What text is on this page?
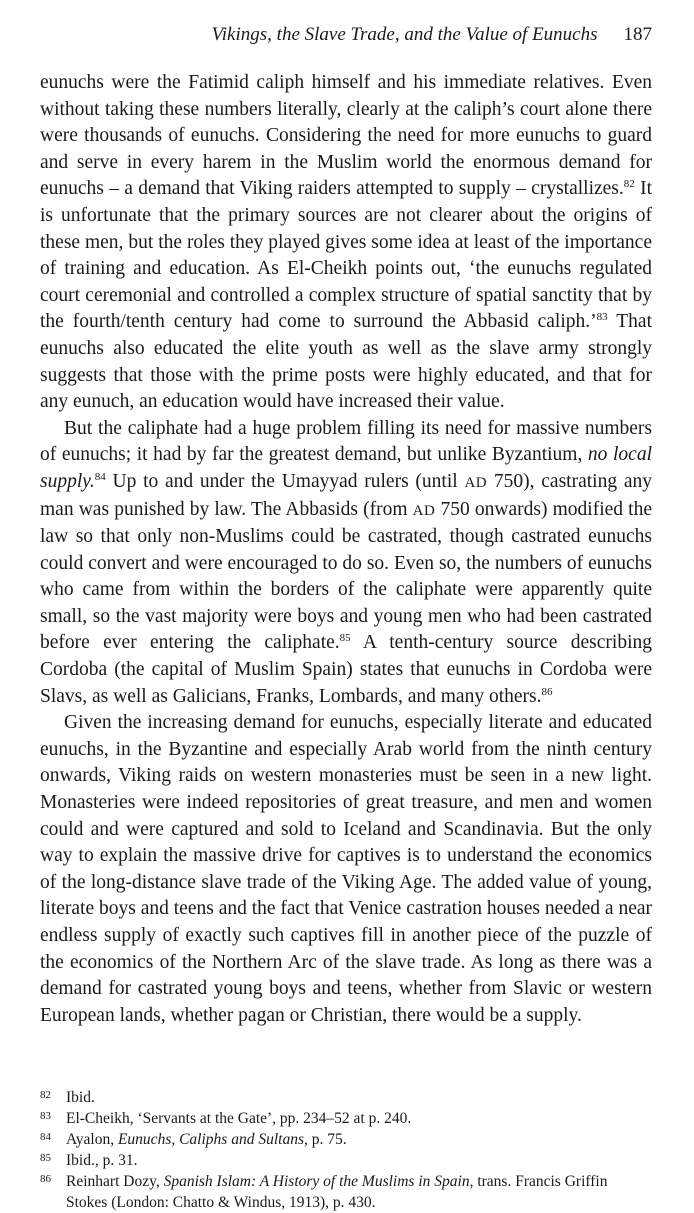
Vikings, the Slave Trade, and the Value of Eunuchs 187

eunuchs were the Fatimid caliph himself and his immediate relatives. Even without taking these numbers literally, clearly at the caliph’s court alone there were thousands of eunuchs. Considering the need for more eunuchs to guard and serve in every harem in the Muslim world the enormous demand for eunuchs – a demand that Viking raiders attempted to supply – crystallizes.$^{82}$ It is unfortunate that the primary sources are not clearer about the origins of these men, but the roles they played gives some idea at least of the importance of training and education. As El-Cheikh points out, ‘the eunuchs regulated court ceremonial and controlled a complex structure of spatial sanctity that by the fourth/tenth century had come to surround the Abbasid caliph.’$^{83}$ That eunuchs also educated the elite youth as well as the slave army strongly suggests that those with the prime posts were highly educated, and that for any eunuch, an education would have increased their value.

But the caliphate had a huge problem filling its need for massive numbers of eunuchs; it had by far the greatest demand, but unlike Byzantium, no local supply.$^{84}$ Up to and under the Umayyad rulers (until AD 750), castrating any man was punished by law. The Abbasids (from AD 750 onwards) modified the law so that only non-Muslims could be castrated, though castrated eunuchs could convert and were encouraged to do so. Even so, the numbers of eunuchs who came from within the borders of the caliphate were apparently quite small, so the vast majority were boys and young men who had been castrated before ever entering the caliphate.$^{85}$ A tenth-century source describing Cordoba (the capital of Muslim Spain) states that eunuchs in Cordoba were Slavs, as well as Galicians, Franks, Lombards, and many others.$^{86}$

Given the increasing demand for eunuchs, especially literate and educated eunuchs, in the Byzantine and especially Arab world from the ninth century onwards, Viking raids on western monasteries must be seen in a new light. Monasteries were indeed repositories of great treasure, and men and women could and were captured and sold to Iceland and Scandinavia. But the only way to explain the massive drive for captives is to understand the economics of the long-distance slave trade of the Viking Age. The added value of young, literate boys and teens and the fact that Venice castration houses needed a near endless supply of exactly such captives fill in another piece of the puzzle of the economics of the Northern Arc of the slave trade. As long as there was a demand for castrated young boys and teens, whether from Slavic or western European lands, whether pagan or Christian, there would be a supply.

82 Ibid.
83 El-Cheikh, ‘Servants at the Gate’, pp. 234–52 at p. 240.
84 Ayalon, Eunuchs, Caliphs and Sultans, p. 75.
85 Ibid., p. 31.
86 Reinhart Dozy, Spanish Islam: A History of the Muslims in Spain, trans. Francis Griffin Stokes (London: Chatto & Windus, 1913), p. 430.
